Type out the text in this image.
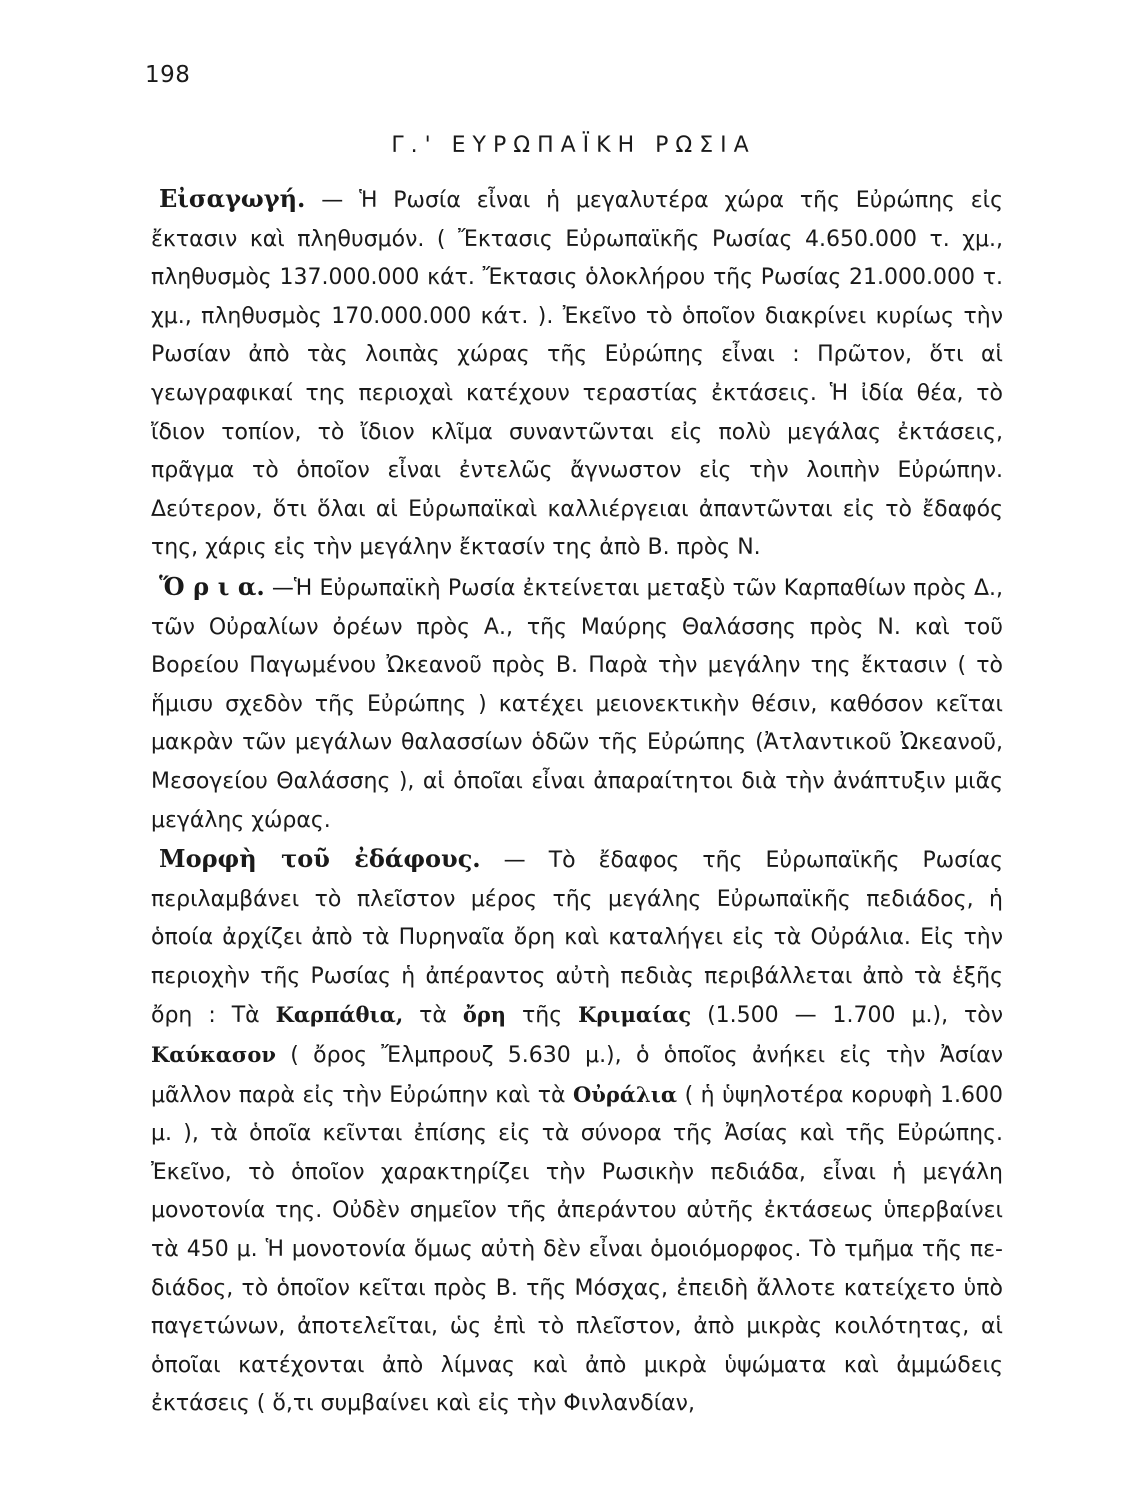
198
Γ.' ΕΥΡΩΠΑΪΚΗ ΡΩΣΙΑ

Εἰσαγωγή. — Ἡ Ρωσία εἶναι ἡ μεγαλυτέρα χώρα τῆς Εὐρώπης εἰς ἔκτασιν καὶ πληθυσμόν. ( Ἔκτασις Εὐρωπαϊκῆς Ρωσίας 4.650.000 τ. χμ., πληθυσμὸς 137.000.000 κάτ. Ἔκτασις ὁλοκλήρου τῆς Ρωσίας 21.000.000 τ. χμ., πληθυσμὸς 170.000.000 κάτ. ). Ἐκεῖνο τὸ ὁποῖον διακρίνει κυρίως τὴν Ρωσίαν ἀπὸ τὰς λοιπὰς χώρας τῆς Εὐρώπης εἶναι : Πρῶτον, ὅτι αἱ γεωγραφικαί της περιοχαὶ κατέχουν τεραστίας ἐκτάσεις. Ἡ ἰδία θέα, τὸ ἴδιον τοπίον, τὸ ἴδιον κλῖμα συναντῶνται εἰς πολὺ μεγάλας ἐκτάσεις, πρᾶγμα τὸ ὁποῖον εἶναι ἐντελῶς ἄγνωστον εἰς τὴν λοιπὴν Εὐρώπην. Δεύτερον, ὅτι ὅλαι αἱ Εὐρωπαϊκαὶ καλλιέργειαι ἀπαντῶνται εἰς τὸ ἔδαφός της, χάρις εἰς τὴν μεγάλην ἔκτασίν της ἀπὸ Β. πρὸς Ν.

Ὅ ρ ι α. —Ἡ Εὐρωπαϊκὴ Ρωσία ἐκτείνεται μεταξὺ τῶν Καρπαθίων πρὸς Δ., τῶν Οὐραλίων ὀρέων πρὸς Α., τῆς Μαύρης Θαλάσσης πρὸς Ν. καὶ τοῦ Βορείου Παγωμένου Ὠκεανοῦ πρὸς Β. Παρὰ τὴν μεγάλην της ἔκτασιν ( τὸ ἥμισυ σχεδὸν τῆς Εὐρώπης ) κατέχει μειονεκτικὴν θέσιν, καθόσον κεῖται μακρὰν τῶν μεγάλων θαλασσίων ὁδῶν τῆς Εὐρώπης (Ἀτλαντικοῦ Ὠκεανοῦ, Μεσογείου Θαλάσσης ), αἱ ὁποῖαι εἶναι ἀπαραίτητοι διὰ τὴν ἀνάπτυξιν μιᾶς μεγάλης χώρας.

Μορφὴ τοῦ ἐδάφους. — Τὸ ἔδαφος τῆς Εὐρωπαϊκῆς Ρωσίας περιλαμβάνει τὸ πλεῖστον μέρος τῆς μεγάλης Εὐρωπαϊκῆς πεδιάδος, ἡ ὁποία ἀρχίζει ἀπὸ τὰ Πυρηναῖα ὄρη καὶ καταλήγει εἰς τὰ Οὐράλια. Εἰς τὴν περιοχὴν τῆς Ρωσίας ἡ ἀπέραντος αὐτὴ πεδιὰς περιβάλλεται ἀπὸ τὰ ἑξῆς ὄρη : Τὰ Καρπάθια, τὰ ὄρη τῆς Κριμαίας (1.500 — 1.700 μ.), τὸν Καύκασον ( ὄρος Ἔλμπρουζ 5.630 μ.), ὁ ὁποῖος ἀνήκει εἰς τὴν Ἀσίαν μᾶλλον παρὰ εἰς τὴν Εὐρώπην καὶ τὰ Οὐράλια ( ἡ ὑψηλοτέρα κορυφὴ 1.600 μ. ), τὰ ὁποῖα κεῖνται ἐπίσης εἰς τὰ σύνορα τῆς Ἀσίας καὶ τῆς Εὐρώπης. Ἐκεῖνο, τὸ ὁποῖον χαρακτηρίζει τὴν Ρωσικὴν πεδιάδα, εἶναι ἡ μεγάλη μονοτονία της. Οὐδὲν σημεῖον τῆς ἀπεράντου αὐτῆς ἐκτάσεως ὑπερβαίνει τὰ 450 μ. Ἡ μονοτονία ὅμως αὐτὴ δὲν εἶναι ὁμοιόμορφος. Τὸ τμῆμα τῆς πεδιάδος, τὸ ὁποῖον κεῖται πρὸς Β. τῆς Μόσχας, ἐπειδὴ ἄλλοτε κατείχετο ὑπὸ παγετώνων, ἀποτελεῖται, ὡς ἐπὶ τὸ πλεῖστον, ἀπὸ μικρὰς κοιλότητας, αἱ ὁποῖαι κατέχονται ἀπὸ λίμνας καὶ ἀπὸ μικρὰ ὑψώματα καὶ ἀμμώδεις ἐκτάσεις ( ὅ,τι συμβαίνει καὶ εἰς τὴν Φινλανδίαν,
